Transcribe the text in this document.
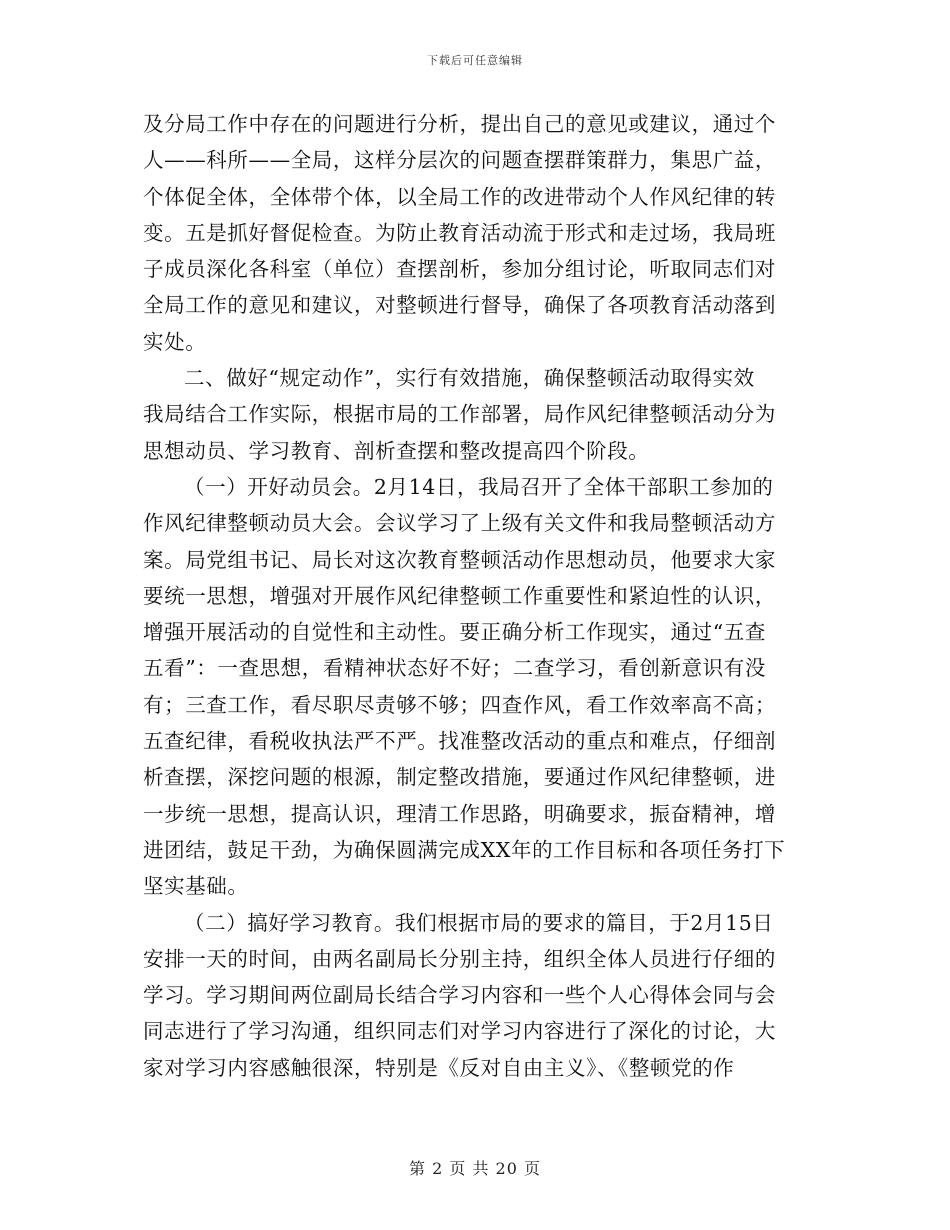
下载后可任意编辑
及分局工作中存在的问题进行分析，提出自己的意见或建议，通过个
人——科所——全局，这样分层次的问题查摆群策群力，集思广益，
个体促全体，全体带个体，以全局工作的改进带动个人作风纪律的转
变。五是抓好督促检查。为防止教育活动流于形式和走过场，我局班
子成员深化各科室（单位）查摆剖析，参加分组讨论，听取同志们对
全局工作的意见和建议，对整顿进行督导，确保了各项教育活动落到
实处。
二、做好“规定动作”，实行有效措施，确保整顿活动取得实效
我局结合工作实际，根据市局的工作部署，局作风纪律整顿活动分为
思想动员、学习教育、剖析查摆和整改提高四个阶段。
（一）开好动员会。2月14日，我局召开了全体干部职工参加的
作风纪律整顿动员大会。会议学习了上级有关文件和我局整顿活动方
案。局党组书记、局长对这次教育整顿活动作思想动员，他要求大家
要统一思想，增强对开展作风纪律整顿工作重要性和紧迫性的认识，
增强开展活动的自觉性和主动性。要正确分析工作现实，通过“五查
五看”：一查思想，看精神状态好不好；二查学习，看创新意识有没
有；三查工作，看尽职尽责够不够；四查作风，看工作效率高不高；
五查纪律，看税收执法严不严。找准整改活动的重点和难点，仔细剖
析查摆，深挖问题的根源，制定整改措施，要通过作风纪律整顿，进
一步统一思想，提高认识，理清工作思路，明确要求，振奋精神，增
进团结，鼓足干劲，为确保圆满完成XX年的工作目标和各项任务打下
坚实基础。
（二）搞好学习教育。我们根据市局的要求的篇目，于2月15日
安排一天的时间，由两名副局长分别主持，组织全体人员进行仔细的
学习。学习期间两位副局长结合学习内容和一些个人心得体会同与会
同志进行了学习沟通，组织同志们对学习内容进行了深化的讨论，大
家对学习内容感触很深，特别是《反对自由主义》、《整顿党的作
第 2 页 共 20 页
